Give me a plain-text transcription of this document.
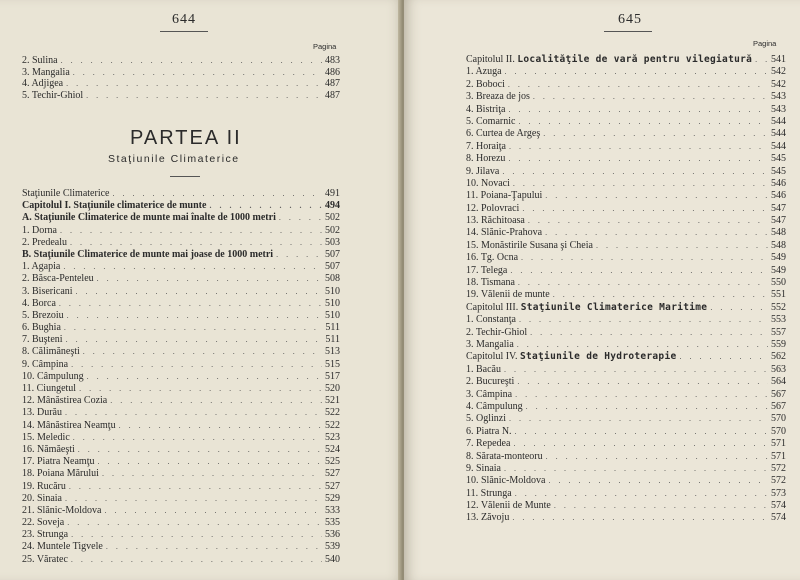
644
Pagina
2. Sulina . . .	483
3. Mangalia . . .	486
4. Adjigea . . .	487
5. Techir-Ghiol . . .	487
PARTEA II
Staţiunile Climaterice
Staţiunile Climaterice . . .	491
Capitolul I. Staţiunile climaterice de munte . . .	494
A. Staţiunile Climaterice de munte mai înalte de 1000 metri . . .	502
1. Dorna . . .	502
2. Predealu . . .	503
B. Staţiunile Climaterice de munte mai joase de 1000 metri . . .	507
1. Agapia . . .	507
2. Băsca-Penteleu . . .	508
3. Bisericani . . .	510
4. Borca . . .	510
5. Brezoiu . . .	510
6. Bughia . . .	511
7. Buşteni . . .	511
8. Călimăneşti . . .	513
9. Câmpina . . .	515
10. Câmpulung . . .	517
11. Ciungetul . . .	520
12. Mânăstirea Cozia . . .	521
13. Durău . . .	522
14. Mânăstirea Neamţu . . .	522
15. Meledic . . .	523
16. Nămăeşti . . .	524
17. Piatra Neamţu . . .	525
18. Poiana Mărului . . .	527
19. Rucăru . . .	527
20. Sinaia . . .	529
21. Slănic-Moldova . . .	533
22. Soveja . . .	535
23. Strunga . . .	536
24. Muntele Tigvele . . .	539
25. Văratec . . .	540
645
Pagina
Capitolul II. Localităţile de vară pentru vilegiatură . . . 541
1. Azuga . . .	542
2. Boboci . . .	542
3. Breaza de jos . . .	543
4. Bistriţa . . .	543
5. Comarnic . . .	544
6. Curtea de Argeş . . .	544
7. Horaiţa . . .	544
8. Horezu . . .	545
9. Jilava . . .	545
10. Novaci . . .	546
11. Poiana-Ţapului . . .	546
12. Polovraci . . .	547
13. Răchitoasa . . .	547
14. Slănic-Prahova . . .	548
15. Monăstirile Susana şi Cheia . . .	548
16. Tg. Ocna . . .	549
17. Telega . . .	549
18. Tismana . . .	550
19. Vălenii de munte . . .	551
Capitolul III. Staţiunile Climaterice Maritime . . .	552
1. Constanţa . . .	553
2. Techir-Ghiol . . .	557
3. Mangalia . . .	559
Capitolul IV. Staţiunile de Hydroterapie . . .	562
1. Bacău . . .	563
2. Bucureşti . . .	564
3. Câmpina . . .	567
4. Câmpulung . . .	567
5. Oglinzi . . .	570
6. Piatra N. . . .	570
7. Repedea . . .	571
8. Sărata-monteoru . . .	571
9. Sinaia . . .	572
10. Slănic-Moldova . . .	572
11. Strunga . . .	573
12. Vălenii de Munte . . .	574
13. Zăvoju . . .	574
